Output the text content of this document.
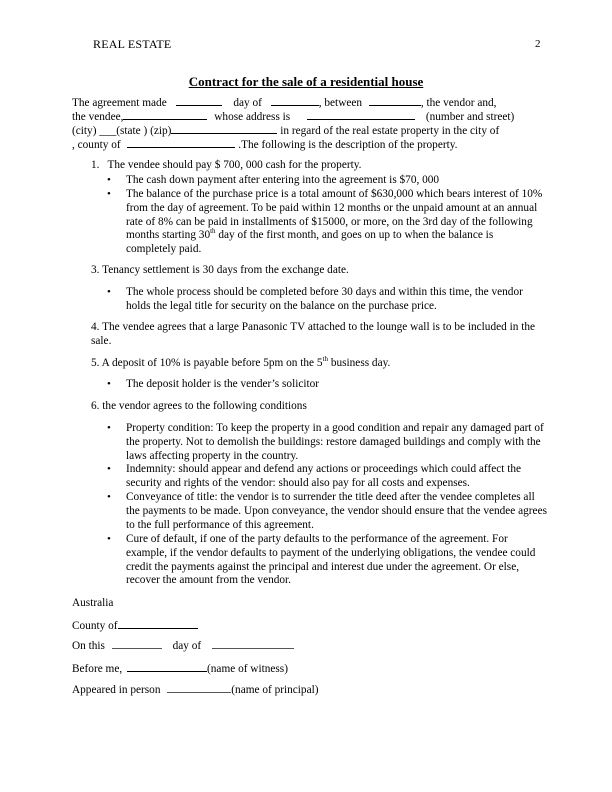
REAL ESTATE	2
Contract for the sale of a residential house
The agreement made	day of	, between	, the vendor and,
the vendee,	whose address is	(number and street)
(city) ___(state ) (zip)	in regard of the real estate property in the city of
, county of	.The following is the description of the property.
1. The vendee should pay $ 700, 000 cash for the property.
• The cash down payment after entering into the agreement is $70, 000
• The balance of the purchase price is a total amount of $630,000 which bears interest of 10% from the day of agreement. To be paid within 12 months or the unpaid amount at an annual rate of 8% can be paid in installments of $15000, or more, on the 3rd day of the following months starting 30th day of the first month, and goes on up to when the balance is completely paid.
3. Tenancy settlement is 30 days from the exchange date.
• The whole process should be completed before 30 days and within this time, the vendor holds the legal title for security on the balance on the purchase price.
4. The vendee agrees that a large Panasonic TV attached to the lounge wall is to be included in the sale.
5. A deposit of 10% is payable before 5pm on the 5th business day.
• The deposit holder is the vender’s solicitor
6. the vendor agrees to the following conditions
• Property condition: To keep the property in a good condition and repair any damaged part of the property. Not to demolish the buildings: restore damaged buildings and comply with the laws affecting property in the country.
• Indemnity: should appear and defend any actions or proceedings which could affect the security and rights of the vendor: should also pay for all costs and expenses.
• Conveyance of title: the vendor is to surrender the title deed after the vendee completes all the payments to be made. Upon conveyance, the vendor should ensure that the vendee agrees to the full performance of this agreement.
• Cure of default, if one of the party defaults to the performance of the agreement. For example, if the vendor defaults to payment of the underlying obligations, the vendee could credit the payments against the principal and interest due under the agreement. Or else, recover the amount from the vendor.
Australia
County of
On this	day of
Before me,	(name of witness)
Appeared in person	(name of principal)
